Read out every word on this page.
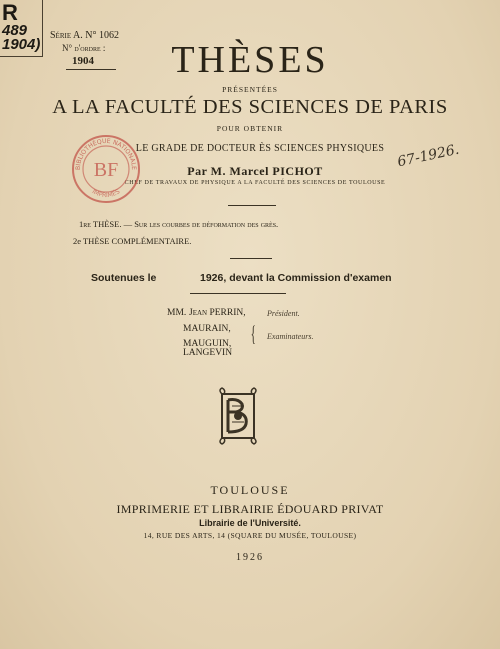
R
489
1904)
Série A. N° 1062
N° d'ordre :
1904	THÈSES
PRÉSENTÉES
A LA FACULTÉ DES SCIENCES DE PARIS
POUR OBTENIR
LE GRADE DE DOCTEUR ÈS SCIENCES PHYSIQUES
Par M. Marcel PICHOT
CHEF DE TRAVAUX DE PHYSIQUE A LA FACULTÉ DES SCIENCES DE TOULOUSE
1re THÈSE. — Sur les courbes de déformation des grès.
2e THÈSE COMPLÉMENTAIRE.
Soutenues le	1926, devant la Commission d'examen
MM. Jean PERRIN,
MAURAIN,
MAUGUIN,
LANGEVIN
Président.
{ Examinateurs.
TOULOUSE
IMPRIMERIE ET LIBRAIRIE ÉDOUARD PRIVAT
Librairie de l'Université.
14, RUE DES ARTS, 14 (SQUARE DU MUSÉE, TOULOUSE)
1926
BIBLIOTHÈQUE NATIONALE
BF
IMPRIMÉS
67-1926.
